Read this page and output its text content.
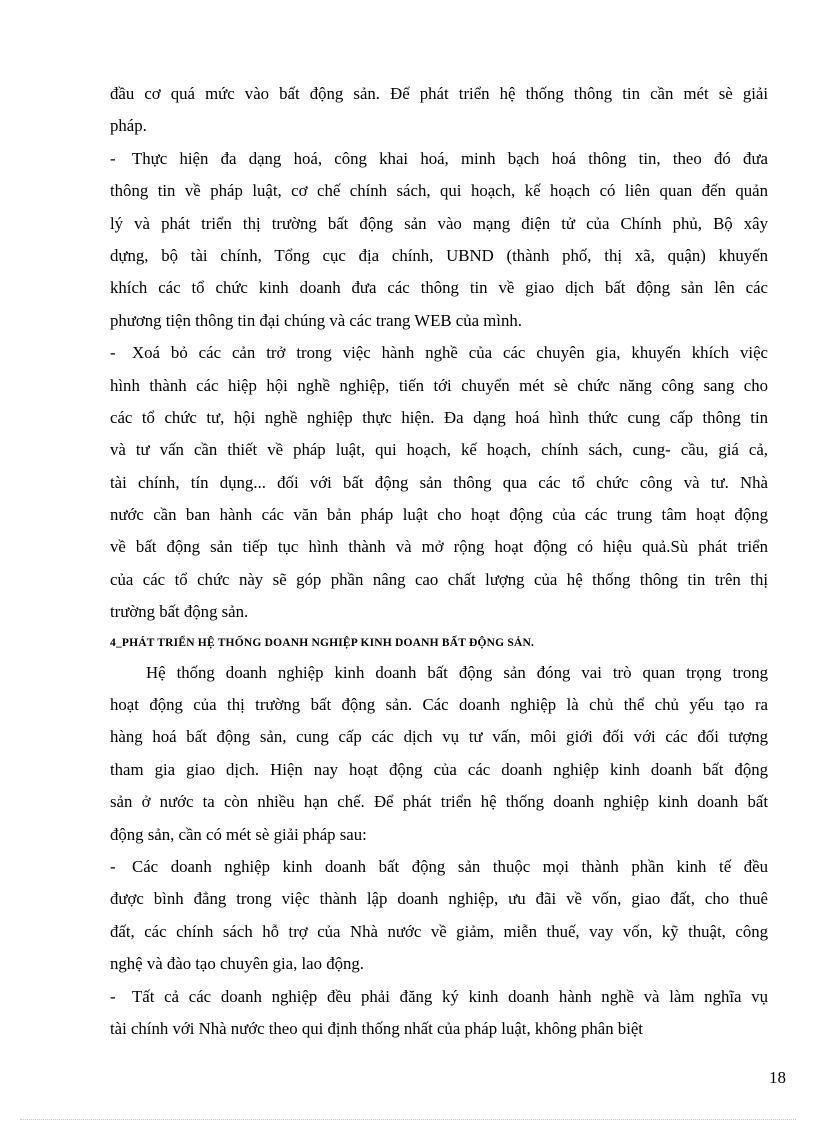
đầu cơ quá mức vào bất động sản. Để phát triển hệ thống thông tin cần mét sè giải
pháp.
- Thực hiện đa dạng hoá, công khai hoá, minh bạch hoá thông tin, theo đó đưa
thông tin về pháp luật, cơ chế chính sách, qui hoạch, kế hoạch có liên quan đến quản
lý và phát triển thị trường bất động sản vào mạng điện tử của Chính phủ, Bộ xây
dựng, bộ tài chính, Tổng cục địa chính, UBND (thành phố, thị xã, quận) khuyến
khích các tổ chức kinh doanh đưa các thông tin về giao dịch bất động sản lên các
phương tiện thông tin đại chúng và các trang WEB của mình.
- Xoá bỏ các cản trở trong việc hành nghề của các chuyên gia, khuyến khích việc
hình thành các hiệp hội nghề nghiệp, tiến tới chuyển mét sè chức năng công sang cho
các tổ chức tư, hội nghề nghiệp thực hiện. Đa dạng hoá hình thức cung cấp thông tin
và tư vấn cần thiết về pháp luật, qui hoạch, kế hoạch, chính sách, cung- cầu, giá cả,
tài chính, tín dụng... đối với bất động sản thông qua các tổ chức công và tư. Nhà
nước cần ban hành các văn bản pháp luật cho hoạt động của các trung tâm hoạt động
về bất động sản tiếp tục hình thành và mở rộng hoạt động có hiệu quả.Sù phát triển
của các tổ chức này sẽ góp phần nâng cao chất lượng của hệ thống thông tin trên thị
trường bất động sản.
4_PHÁT TRIỂN HỆ THỐNG DOANH NGHIỆP KINH DOANH BẤT ĐỘNG SẢN.
Hệ thống doanh nghiệp kinh doanh bất động sản đóng vai trò quan trọng trong
hoạt động của thị trường bất động sản. Các doanh nghiệp là chủ thể chủ yếu tạo ra
hàng hoá bất động sản, cung cấp các dịch vụ tư vấn, môi giới đối với các đối tượng
tham gia giao dịch. Hiện nay hoạt động của các doanh nghiệp kinh doanh bất động
sản ở nước ta còn nhiều hạn chế. Để phát triển hệ thống doanh nghiệp kinh doanh bất
động sản, cần có mét sè giải pháp sau:
- Các doanh nghiệp kinh doanh bất động sản thuộc mọi thành phần kinh tế đều
được bình đẳng trong việc thành lập doanh nghiệp, ưu đãi về vốn, giao đất, cho thuê
đất, các chính sách hỗ trợ của Nhà nước về giảm, miễn thuế, vay vốn, kỹ thuật, công
nghệ và đào tạo chuyên gia, lao động.
- Tất cả các doanh nghiệp đều phải đăng ký kinh doanh hành nghề và làm nghĩa vụ
tài chính với Nhà nước theo qui định thống nhất của pháp luật, không phân biệt
18
